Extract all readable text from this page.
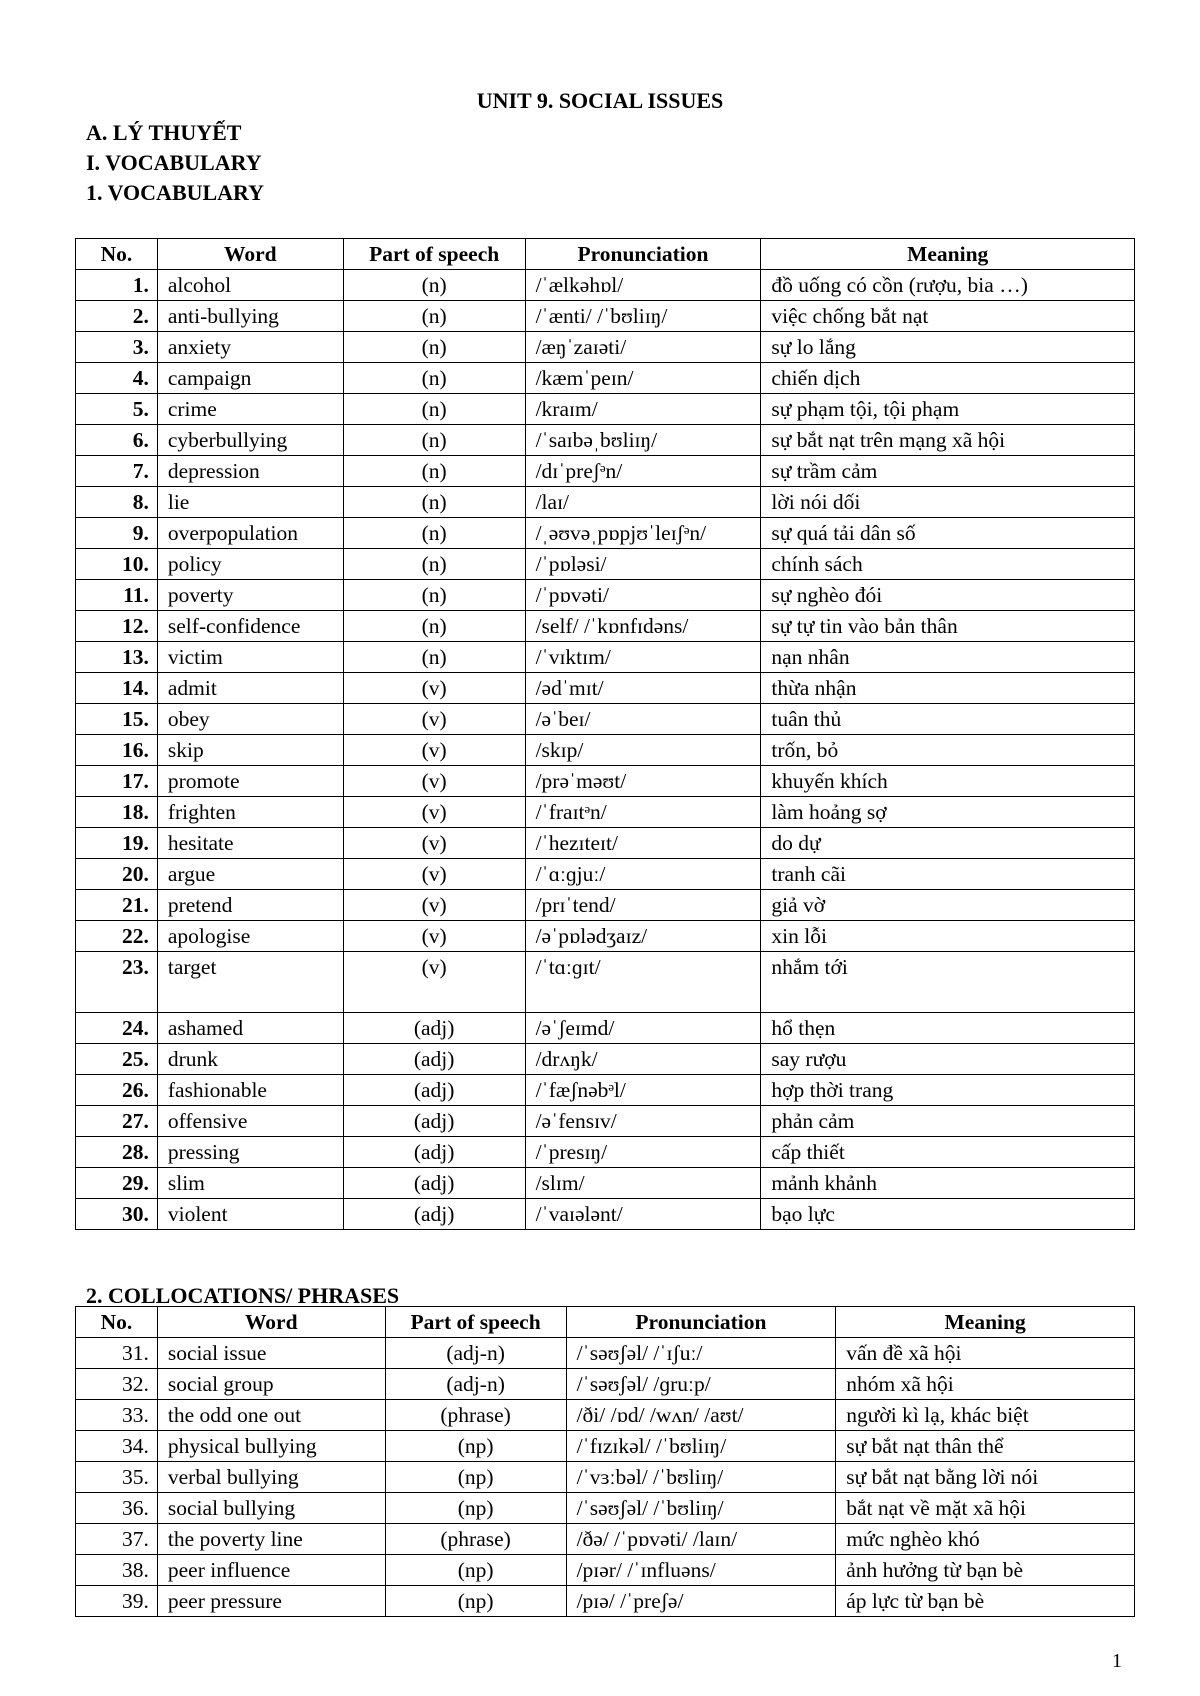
UNIT 9. SOCIAL ISSUES
A. LÝ THUYẾT
I. VOCABULARY
1. VOCABULARY
No.	Word	Part of speech	Pronunciation	Meaning
1.	alcohol	(n)	/ˈælkəhɒl/	đồ uống có cồn (rượu, bia …)
2.	anti-bullying	(n)	/ˈænti/ /ˈbʊliɪŋ/	việc chống bắt nạt
3.	anxiety	(n)	/æŋˈzaɪəti/	sự lo lắng
4.	campaign	(n)	/kæmˈpeɪn/	chiến dịch
5.	crime	(n)	/kraɪm/	sự phạm tội, tội phạm
6.	cyberbullying	(n)	/ˈsaɪbəˌbʊliɪŋ/	sự bắt nạt trên mạng xã hội
7.	depression	(n)	/dɪˈpreʃᵊn/	sự trầm cảm
8.	lie	(n)	/laɪ/	lời nói dối
9.	overpopulation	(n)	/ˌəʊvəˌpɒpjʊˈleɪʃᵊn/	sự quá tải dân số
10.	policy	(n)	/ˈpɒləsi/	chính sách
11.	poverty	(n)	/ˈpɒvəti/	sự nghèo đói
12.	self-confidence	(n)	/self/ /ˈkɒnfɪdəns/	sự tự tin vào bản thân
13.	victim	(n)	/ˈvɪktɪm/	nạn nhân
14.	admit	(v)	/ədˈmɪt/	thừa nhận
15.	obey	(v)	/əˈbeɪ/	tuân thủ
16.	skip	(v)	/skɪp/	trốn, bỏ
17.	promote	(v)	/prəˈməʊt/	khuyến khích
18.	frighten	(v)	/ˈfraɪtᵊn/	làm hoảng sợ
19.	hesitate	(v)	/ˈhezɪteɪt/	do dự
20.	argue	(v)	/ˈɑːɡjuː/	tranh cãi
21.	pretend	(v)	/prɪˈtend/	giả vờ
22.	apologise	(v)	/əˈpɒlədʒaɪz/	xin lỗi
23.	target	(v)	/ˈtɑːɡɪt/	nhắm tới
24.	ashamed	(adj)	/əˈʃeɪmd/	hổ thẹn
25.	drunk	(adj)	/drʌŋk/	say rượu
26.	fashionable	(adj)	/ˈfæʃnəbᵊl/	hợp thời trang
27.	offensive	(adj)	/əˈfensɪv/	phản cảm
28.	pressing	(adj)	/ˈpresɪŋ/	cấp thiết
29.	slim	(adj)	/slɪm/	mảnh khảnh
30.	violent	(adj)	/ˈvaɪələnt/	bạo lực
2. COLLOCATIONS/ PHRASES
No.	Word	Part of speech	Pronunciation	Meaning
31.	social issue	(adj-n)	/ˈsəʊʃəl/ /ˈɪʃuː/	vấn đề xã hội
32.	social group	(adj-n)	/ˈsəʊʃəl/ /ɡruːp/	nhóm xã hội
33.	the odd one out	(phrase)	/ði/ /ɒd/ /wʌn/ /aʊt/	người kì lạ, khác biệt
34.	physical bullying	(np)	/ˈfɪzɪkəl/ /ˈbʊliɪŋ/	sự bắt nạt thân thể
35.	verbal bullying	(np)	/ˈvɜːbəl/ /ˈbʊliɪŋ/	sự bắt nạt bằng lời nói
36.	social bullying	(np)	/ˈsəʊʃəl/ /ˈbʊliɪŋ/	bắt nạt về mặt xã hội
37.	the poverty line	(phrase)	/ðə/ /ˈpɒvəti/ /laɪn/	mức nghèo khó
38.	peer influence	(np)	/pɪər/ /ˈɪnfluəns/	ảnh hưởng từ bạn bè
39.	peer pressure	(np)	/pɪə/ /ˈpreʃə/	áp lực từ bạn bè
1
